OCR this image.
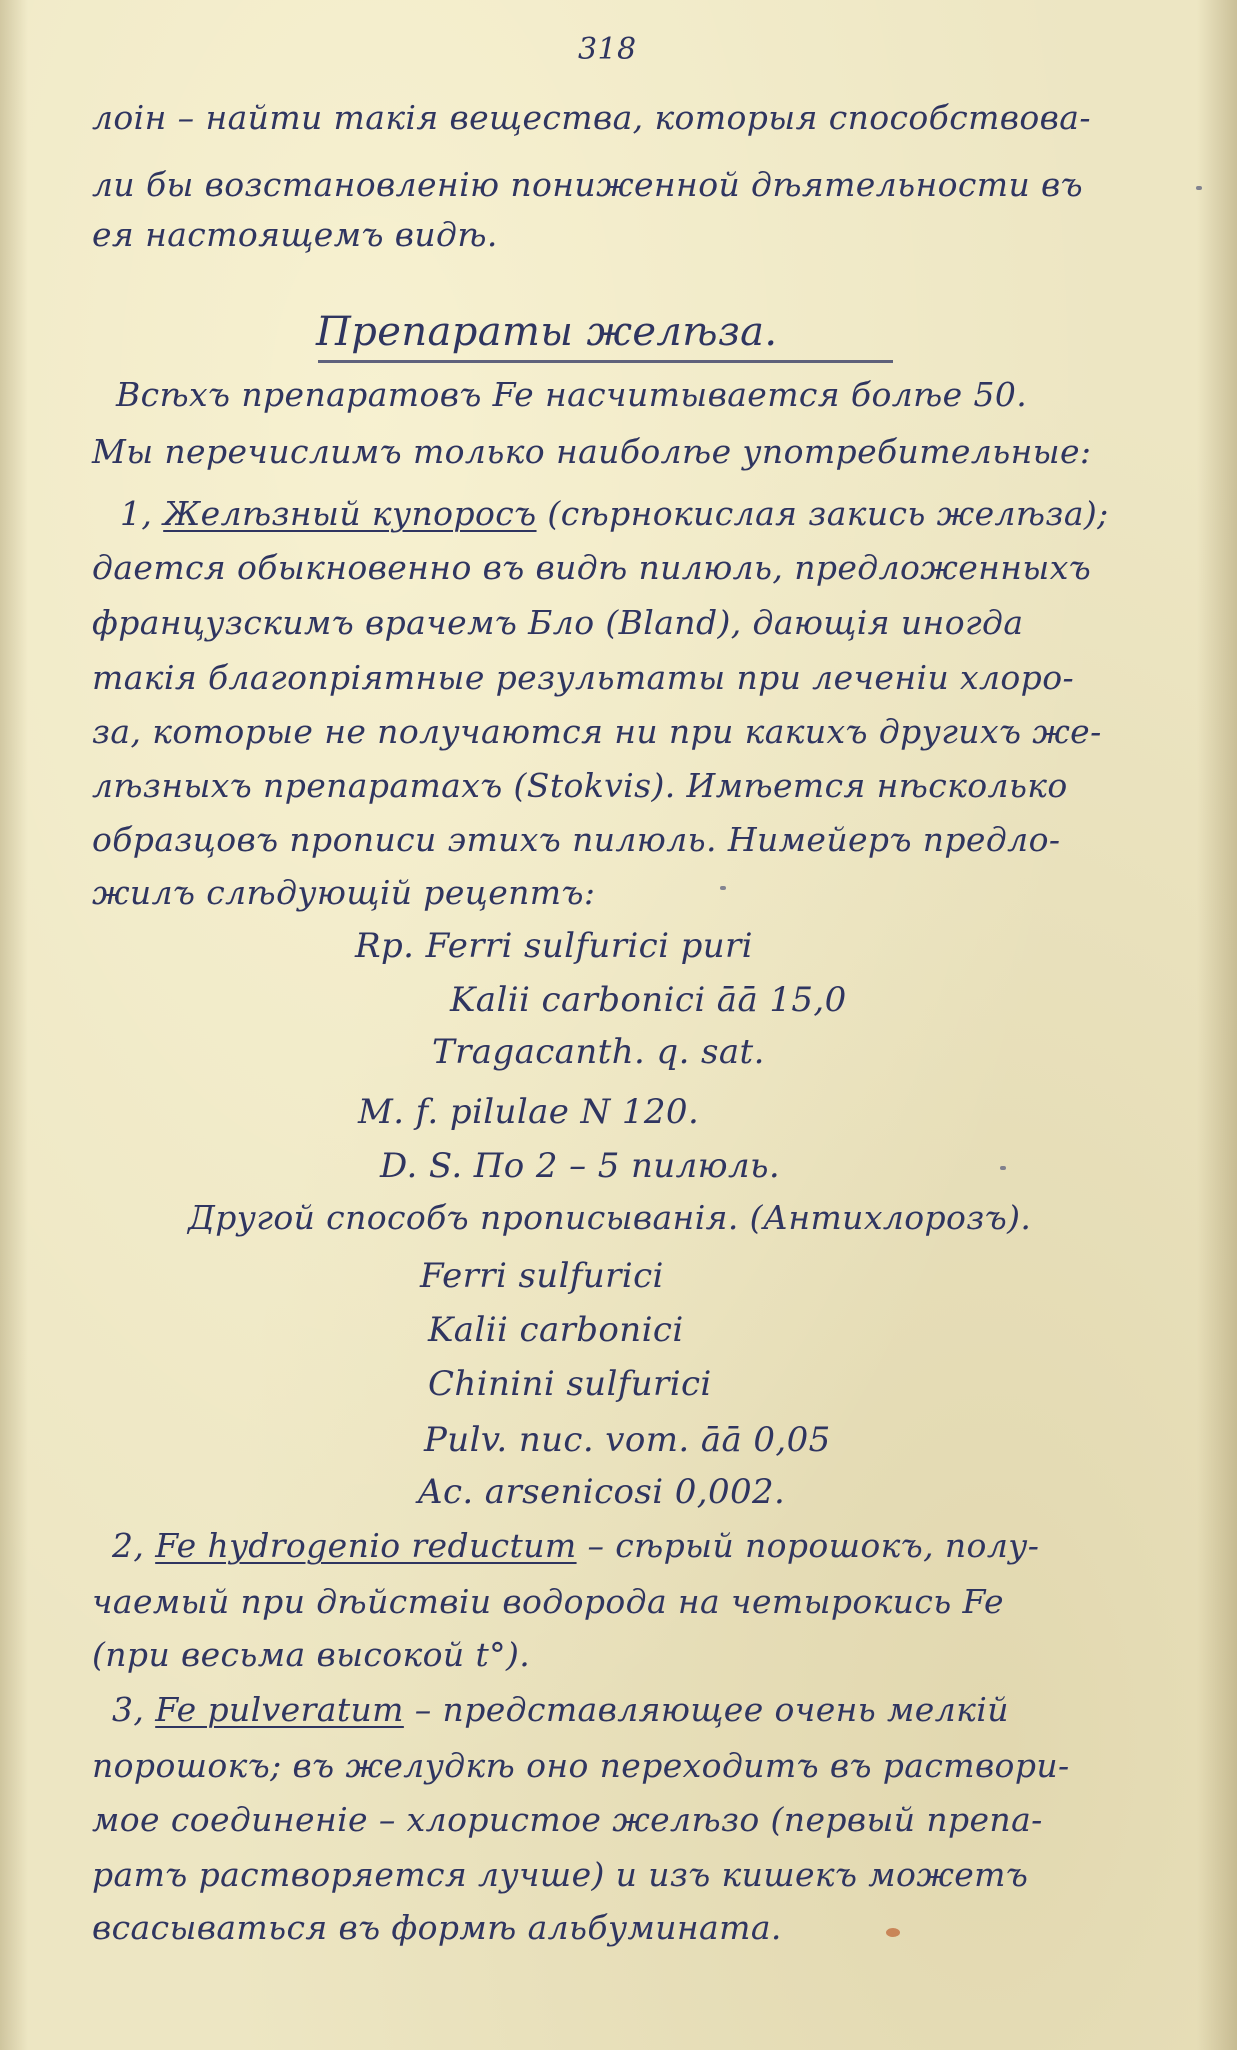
318
лоін – найти такія вещества, которыя способствова-
ли бы возстановленію пониженной дѣятельности въ
ея настоящемъ видѣ.
Препараты желѣза.
Всѣхъ препаратовъ Fe насчитывается болѣе 50.
Мы перечислимъ только наиболѣе употребительные:
1, Желѣзный купоросъ (сѣрнокислая закись желѣза);
дается обыкновенно въ видѣ пилюль, предложенныхъ
французскимъ врачемъ Бло (Bland), дающія иногда
такія благопріятные результаты при леченіи хлоро-
за, которые не получаются ни при какихъ другихъ же-
лѣзныхъ препаратахъ (Stokvis). Имѣется нѣсколько
образцовъ прописи этихъ пилюль. Нимейеръ предло-
жилъ слѣдующій рецептъ:
Rp. Ferri sulfurici puri
Kalii carbonici āā 15,0
Tragacanth. q. sat.
M. f. pilulae N 120.
D. S. По 2 – 5 пилюль.
Другой способъ прописыванія. (Антихлорозъ).
Ferri sulfurici
Kalii carbonici
Chinini sulfurici
Pulv. nuc. vom. āā 0,05
Ac. arsenicosi 0,002.
2, Fe hydrogenio reductum – сѣрый порошокъ, полу-
чаемый при дѣйствіи водорода на четырокись Fe
(при весьма высокой t°).
3, Fe pulveratum – представляющее очень мелкій
порошокъ; въ желудкѣ оно переходитъ въ раствори-
мое соединеніе – хлористое желѣзо (первый препа-
ратъ растворяется лучше) и изъ кишекъ можетъ
всасываться въ формѣ альбумината.
